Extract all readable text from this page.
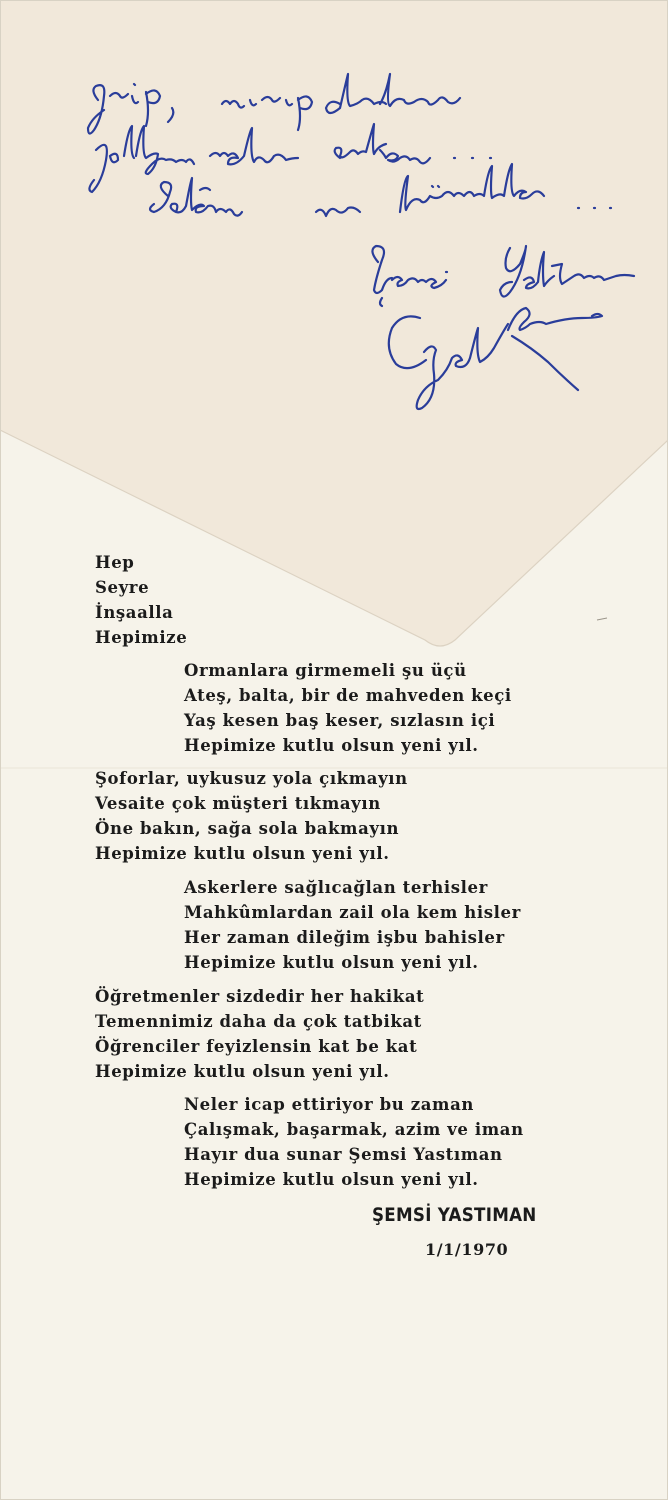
Hep
Seyre
İnşaalla
Hepimize
Ormanlara girmemeli şu üçü
Ateş, balta, bir de mahveden keçi
Yaş kesen baş keser, sızlasın içi
Hepimize kutlu olsun yeni yıl.
Şoforlar, uykusuz yola çıkmayın
Vesaite çok müşteri tıkmayın
Öne bakın, sağa sola bakmayın
Hepimize kutlu olsun yeni yıl.
Askerlere sağlıcağlan terhisler
Mahkûmlardan zail ola kem hisler
Her zaman dileğim işbu bahisler
Hepimize kutlu olsun yeni yıl.
Öğretmenler sizdedir her hakikat
Temennimiz daha da çok tatbikat
Öğrenciler feyizlensin kat be kat
Hepimize kutlu olsun yeni yıl.
Neler icap ettiriyor bu zaman
Çalışmak, başarmak, azim ve iman
Hayır dua sunar Şemsi Yastıman
Hepimize kutlu olsun yeni yıl.
ŞEMSİ YASTIMAN
1/1/1970
